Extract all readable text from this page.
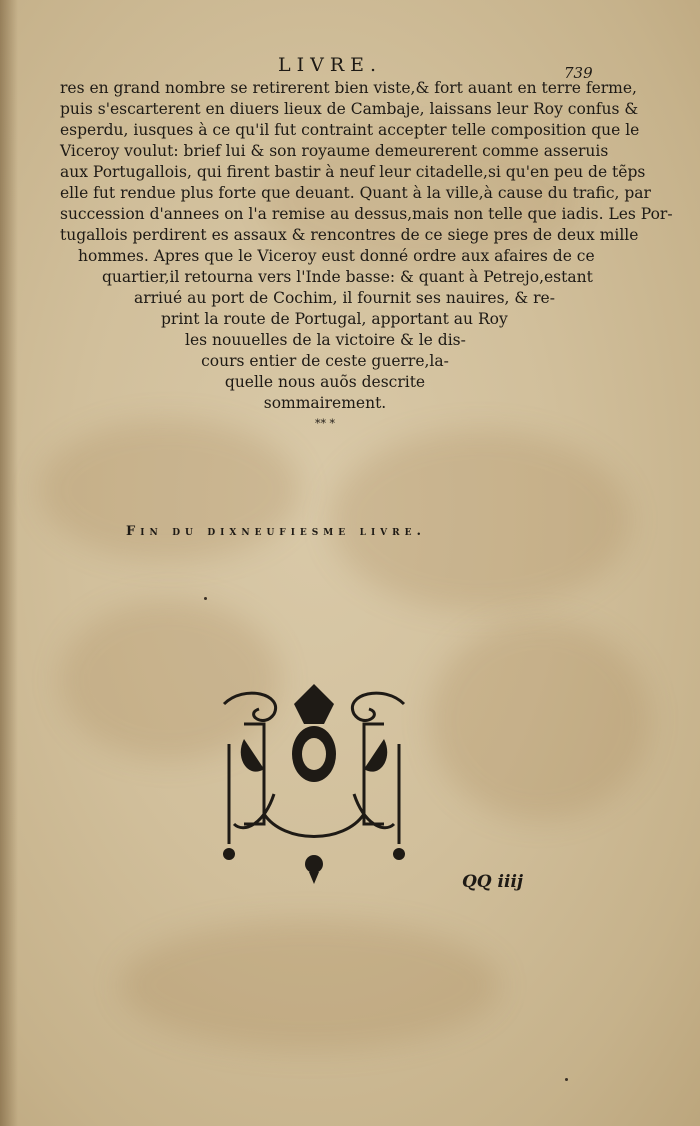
LIVRE.	739
res en grand nombre se retirerent bien viste,& fort auant en terre ferme,
puis s'escarterent en diuers lieux de Cambaje, laissans leur Roy confus &
esperdu, iusques à ce qu'il fut contraint accepter telle composition que le
Viceroy voulut: brief lui & son royaume demeurerent comme asseruis
aux Portugallois, qui firent bastir à neuf leur citadelle,si qu'en peu de tẽps
elle fut rendue plus forte que deuant. Quant à la ville,à cause du trafic, par
succession d'annees on l'a remise au dessus,mais non telle que iadis. Les Por-
tugallois perdirent es assaux & rencontres de ce siege pres de deux mille
hommes. Apres que le Viceroy eust donné ordre aux afaires de ce
quartier,il retourna vers l'Inde basse: & quant à Petrejo,estant
arriué au port de Cochim, il fournit ses nauires, & re-
print la route de Portugal, apportant au Roy
les nouuelles de la victoire & le dis-
cours entier de ceste guerre,la-
quelle nous auõs descrite
sommairement.
** *
Fin du dixneufiesme livre.
QQ iiij
